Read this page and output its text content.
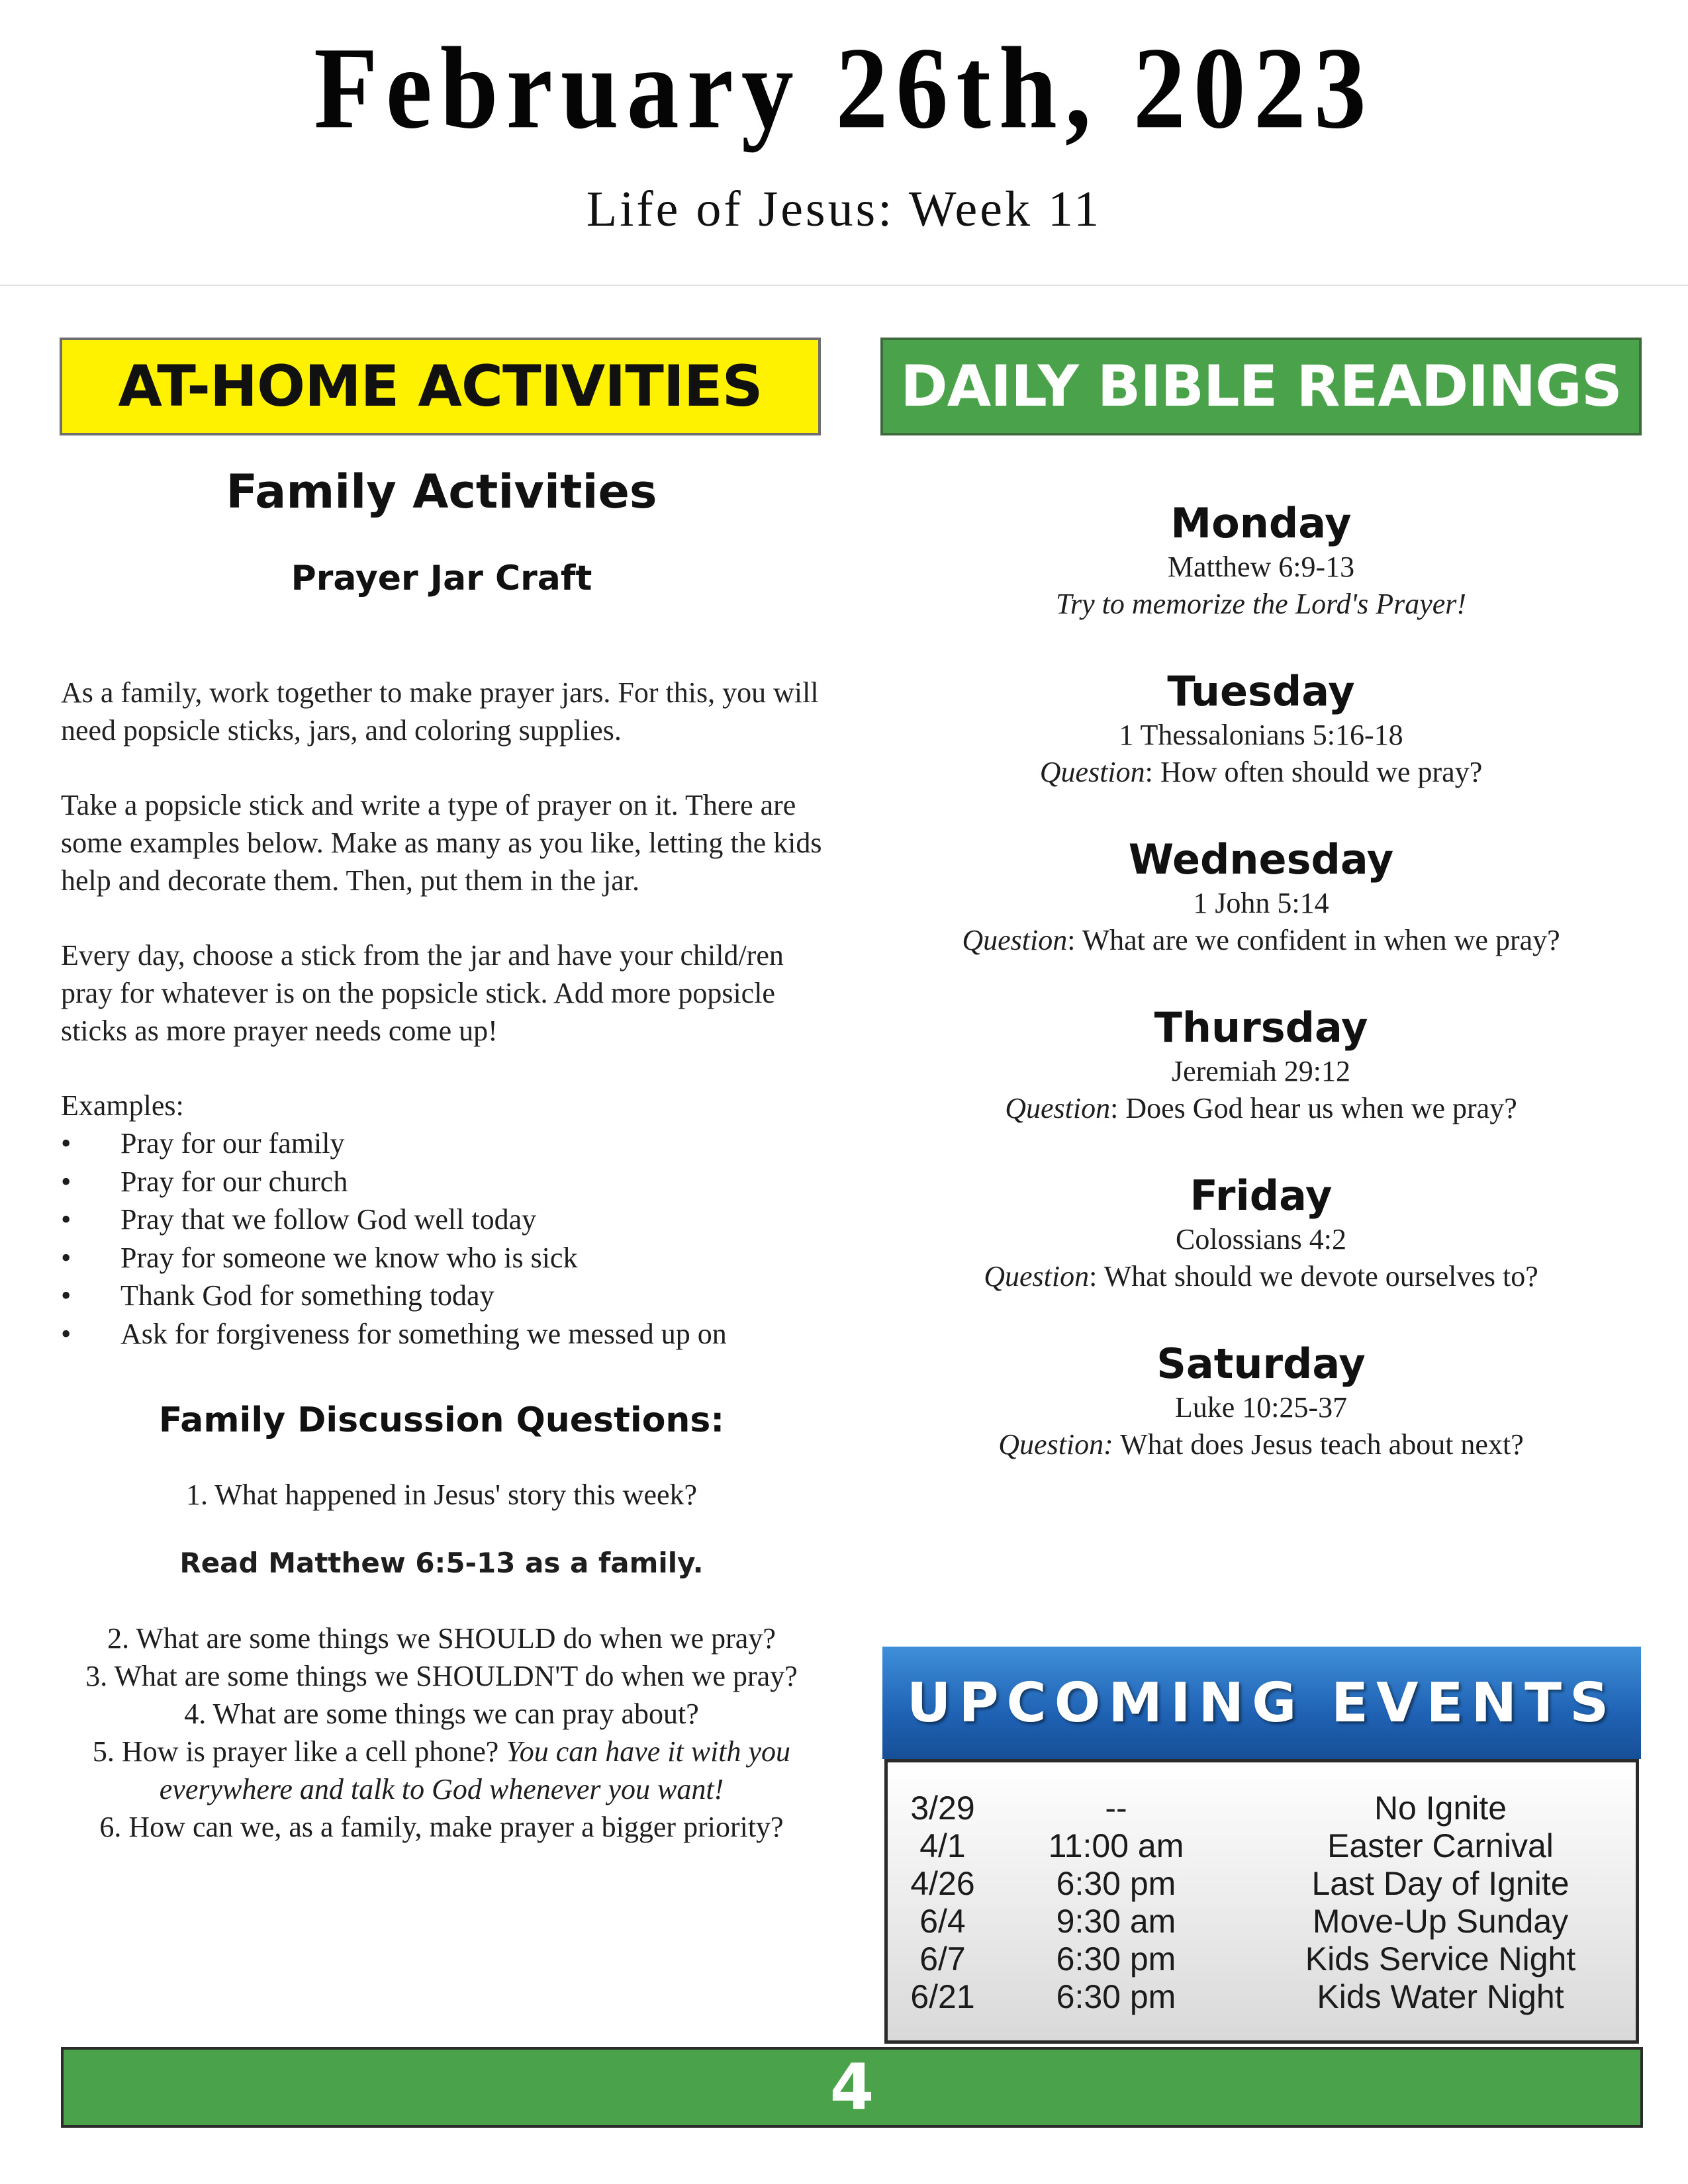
February 26th, 2023
Life of Jesus: Week 11
AT-HOME ACTIVITIES	DAILY BIBLE READINGS
Family Activities
Prayer Jar Craft

As a family, work together to make prayer jars. For this, you will need popsicle sticks, jars, and coloring supplies.

Take a popsicle stick and write a type of prayer on it. There are some examples below. Make as many as you like, letting the kids help and decorate them. Then, put them in the jar.

Every day, choose a stick from the jar and have your child/ren pray for whatever is on the popsicle stick. Add more popsicle sticks as more prayer needs come up!

Examples:
• Pray for our family
• Pray for our church
• Pray that we follow God well today
• Pray for someone we know who is sick
• Thank God for something today
• Ask for forgiveness for something we messed up on
Family Discussion Questions:

1. What happened in Jesus' story this week?

Read Matthew 6:5-13 as a family.

2. What are some things we SHOULD do when we pray?

3. What are some things we SHOULDN'T do when we pray?

4. What are some things we can pray about?

5. How is prayer like a cell phone? You can have it with you everywhere and talk to God whenever you want!

6. How can we, as a family, make prayer a bigger priority?

Monday
Matthew 6:9-13
Try to memorize the Lord's Prayer!
Tuesday
1 Thessalonians 5:16-18
Question: How often should we pray?
Wednesday
1 John 5:14
Question: What are we confident in when we pray?
Thursday
Jeremiah 29:12
Question: Does God hear us when we pray?
Friday
Colossians 4:2
Question: What should we devote ourselves to?
Saturday
Luke 10:25-37
Question: What does Jesus teach about next?
UPCOMING EVENTS
3/29	--	No Ignite
4/1	11:00 am	Easter Carnival
4/26	6:30 pm	Last Day of Ignite
6/4	9:30 am	Move-Up Sunday
6/7	6:30 pm	Kids Service Night
6/21	6:30 pm	Kids Water Night
4
